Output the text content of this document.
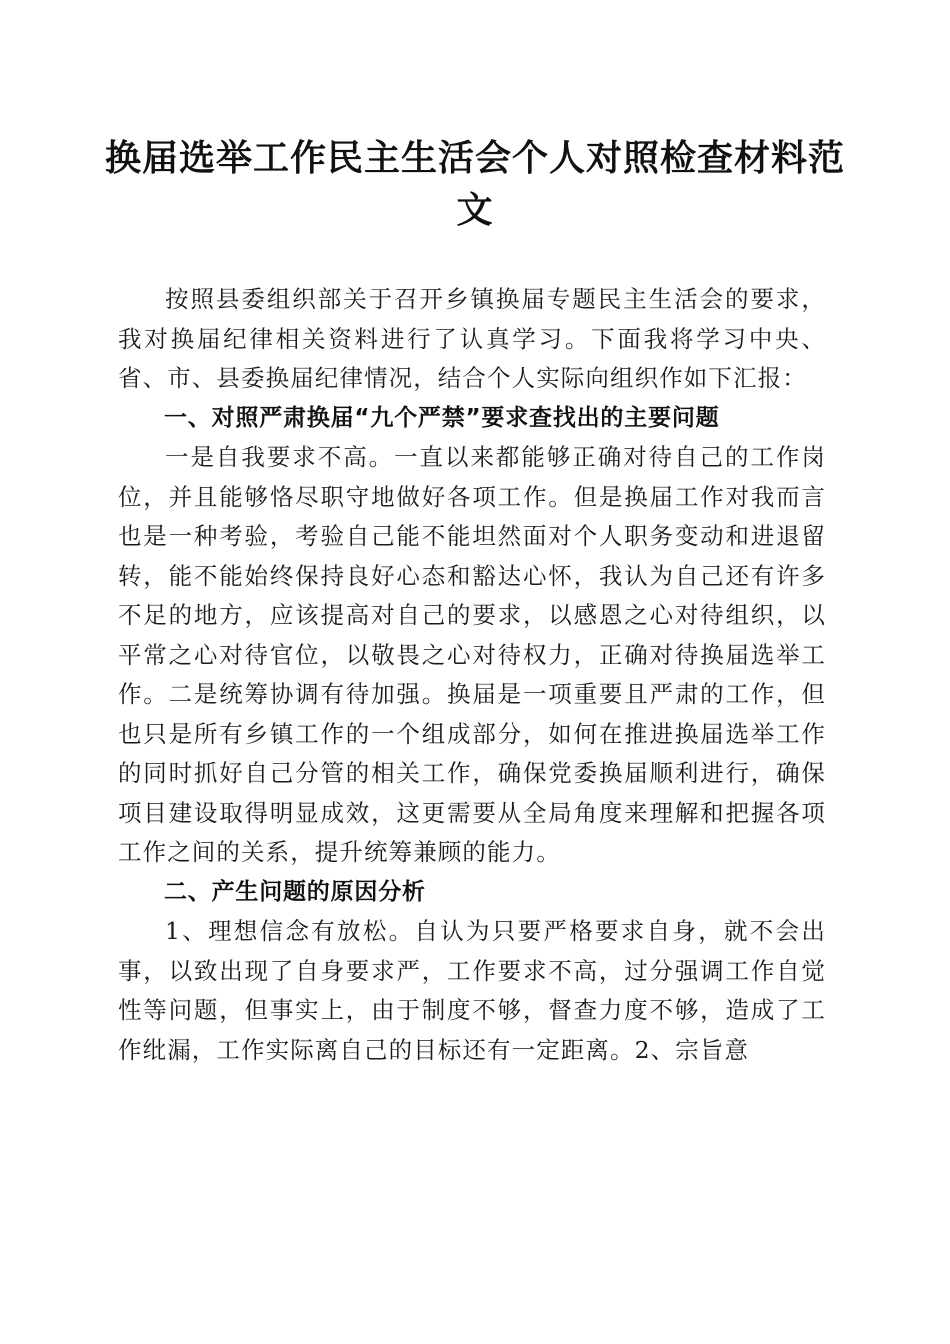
换届选举工作民主生活会个人对照检查材料范文

按照县委组织部关于召开乡镇换届专题民主生活会的要求，我对换届纪律相关资料进行了认真学习。下面我将学习中央、省、市、县委换届纪律情况，结合个人实际向组织作如下汇报：

一、对照严肃换届“九个严禁”要求查找出的主要问题

一是自我要求不高。一直以来都能够正确对待自己的工作岗位，并且能够恪尽职守地做好各项工作。但是换届工作对我而言也是一种考验，考验自己能不能坦然面对个人职务变动和进退留转，能不能始终保持良好心态和豁达心怀，我认为自己还有许多不足的地方，应该提高对自己的要求，以感恩之心对待组织，以平常之心对待官位，以敬畏之心对待权力，正确对待换届选举工作。二是统筹协调有待加强。换届是一项重要且严肃的工作，但也只是所有乡镇工作的一个组成部分，如何在推进换届选举工作的同时抓好自己分管的相关工作，确保党委换届顺利进行，确保项目建设取得明显成效，这更需要从全局角度来理解和把握各项工作之间的关系，提升统筹兼顾的能力。

二、产生问题的原因分析

1、理想信念有放松。自认为只要严格要求自身，就不会出事，以致出现了自身要求严，工作要求不高，过分强调工作自觉性等问题，但事实上，由于制度不够，督查力度不够，造成了工作纰漏，工作实际离自己的目标还有一定距离。2、宗旨意
